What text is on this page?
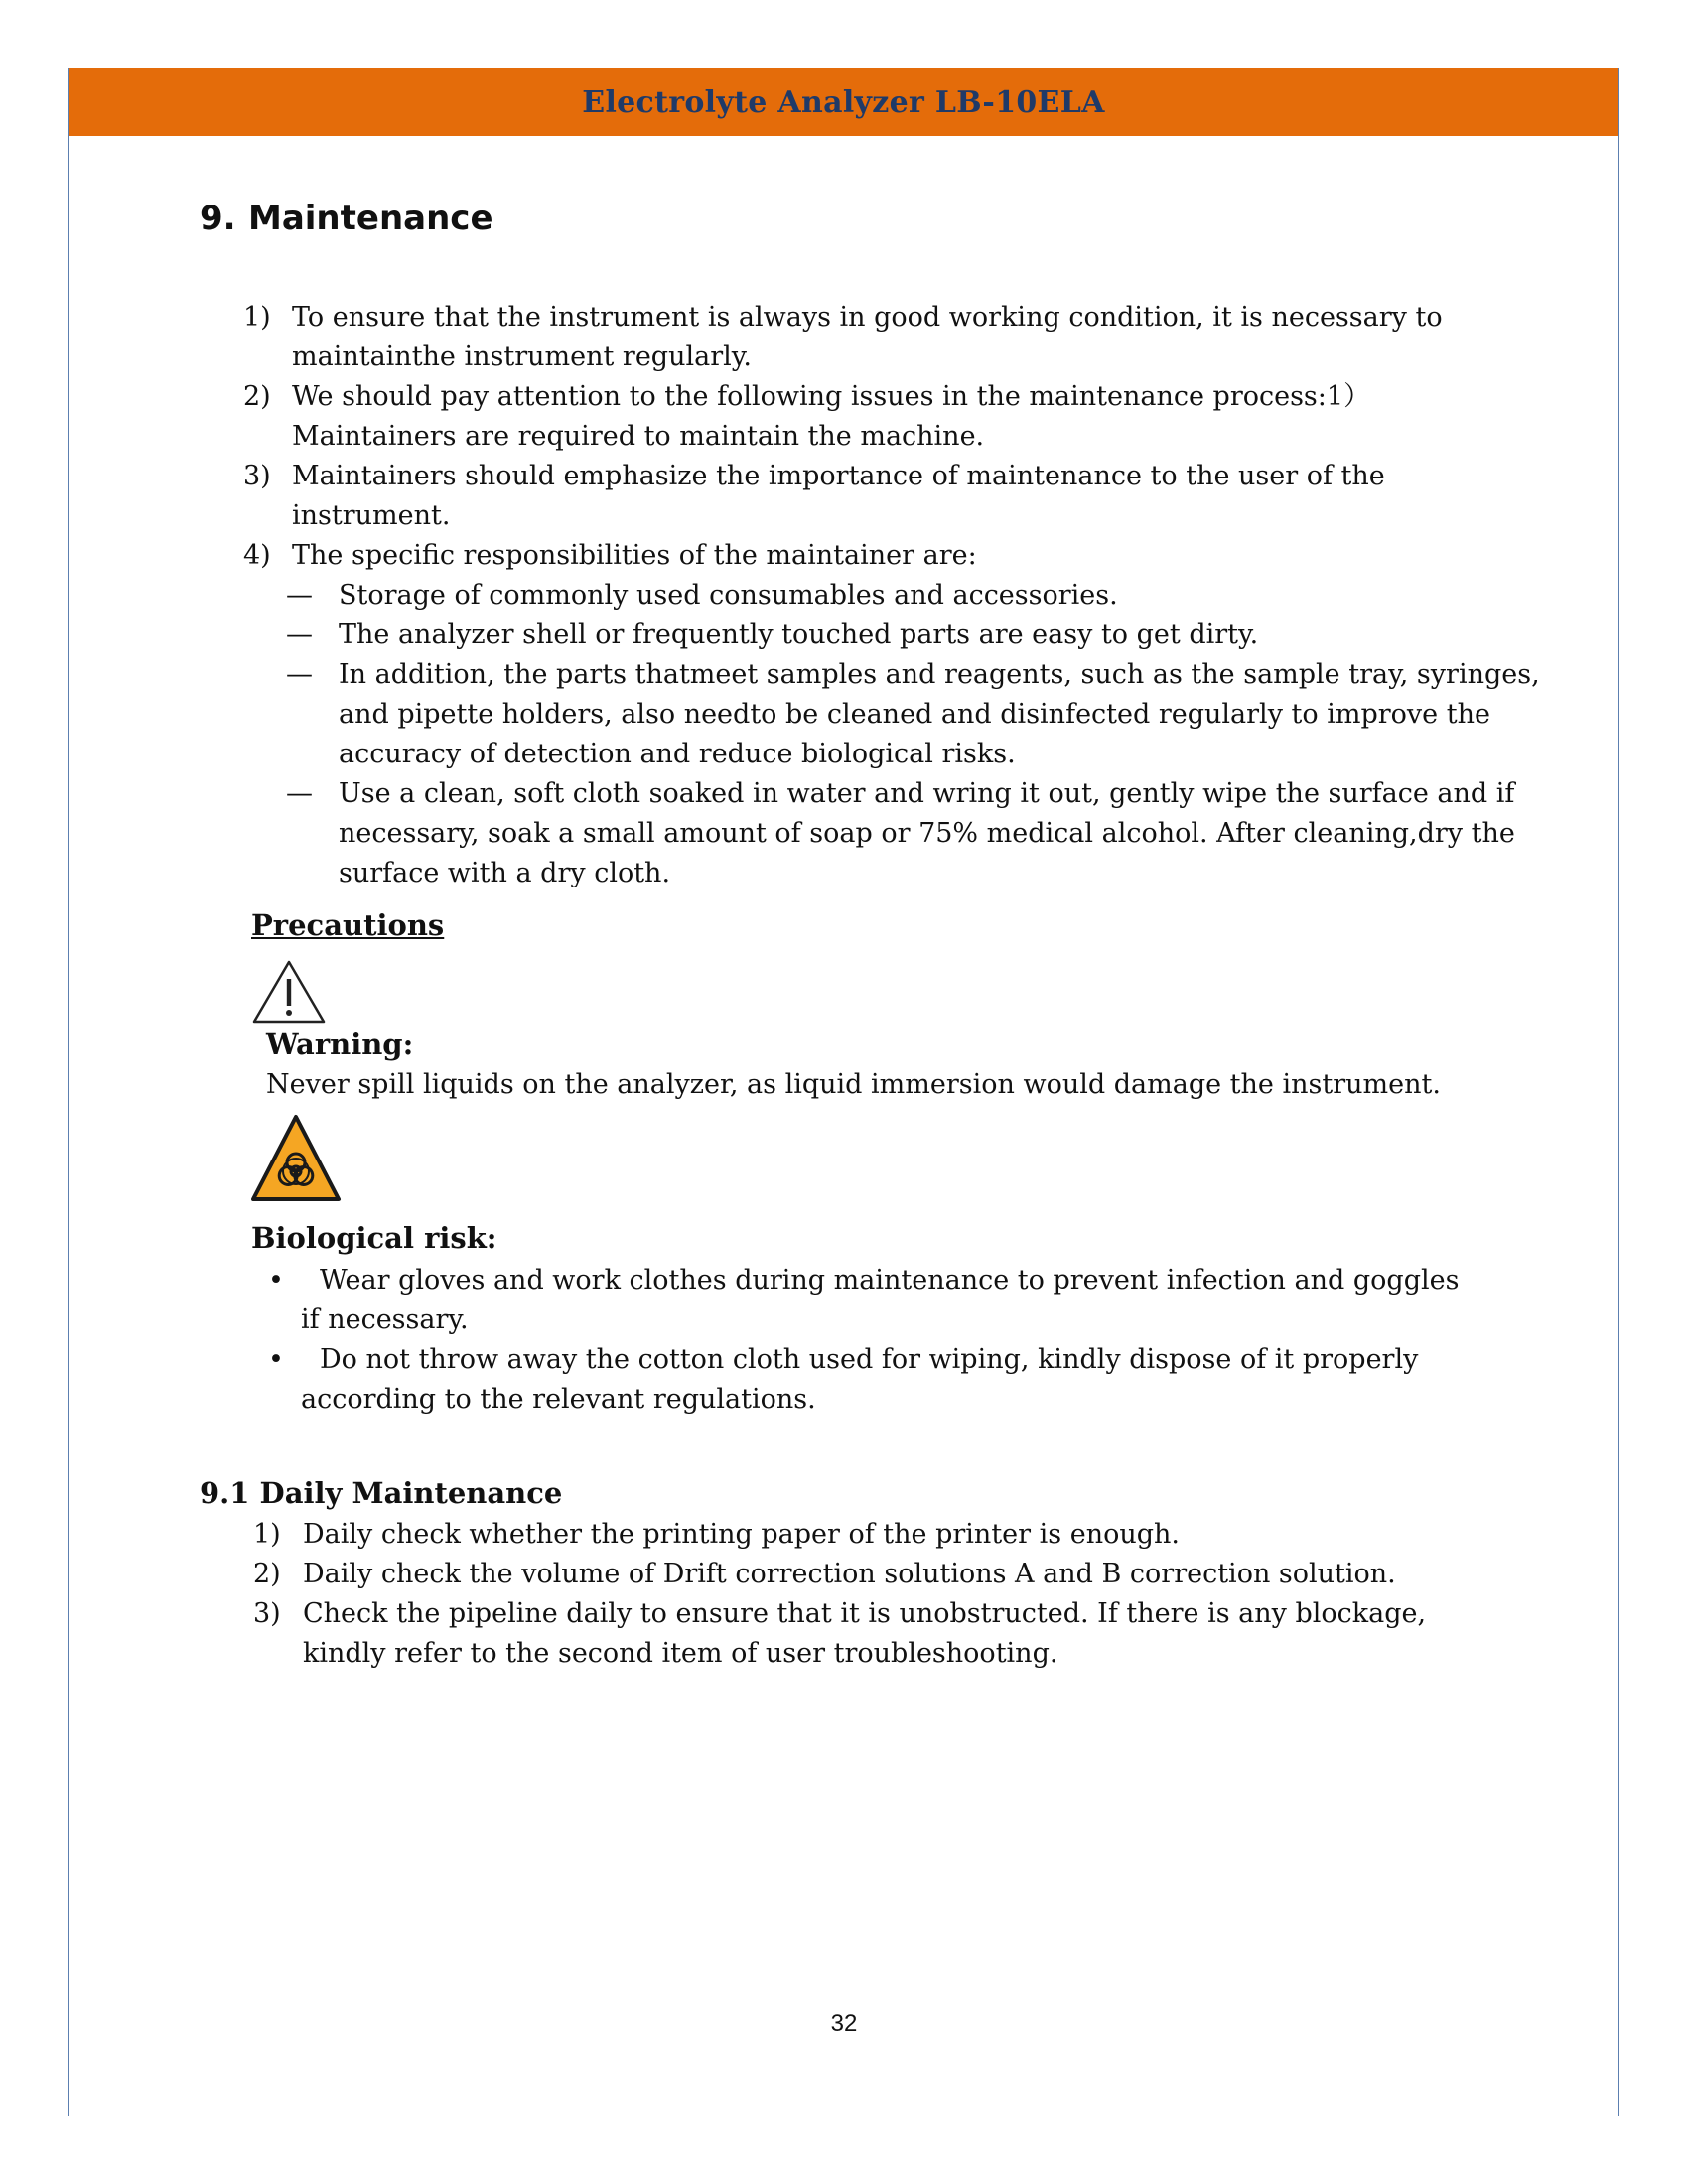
Electrolyte Analyzer LB-10ELA
9. Maintenance
1) To ensure that the instrument is always in good working condition, it is necessary to
maintainthe instrument regularly.
2) We should pay attention to the following issues in the maintenance process:1）
Maintainers are required to maintain the machine.
3) Maintainers should emphasize the importance of maintenance to the user of the
instrument.
4) The specific responsibilities of the maintainer are:
— Storage of commonly used consumables and accessories.
— The analyzer shell or frequently touched parts are easy to get dirty.
— In addition, the parts thatmeet samples and reagents, such as the sample tray, syringes,
and pipette holders, also needto be cleaned and disinfected regularly to improve the
accuracy of detection and reduce biological risks.
— Use a clean, soft cloth soaked in water and wring it out, gently wipe the surface and if
necessary, soak a small amount of soap or 75% medical alcohol. After cleaning,dry the
surface with a dry cloth.
Precautions
Warning:
Never spill liquids on the analyzer, as liquid immersion would damage the instrument.
Biological risk:
•	Wear gloves and work clothes during maintenance to prevent infection and goggles
if necessary.
•	Do not throw away the cotton cloth used for wiping, kindly dispose of it properly
according to the relevant regulations.
9.1 Daily Maintenance
1) Daily check whether the printing paper of the printer is enough.
2) Daily check the volume of Drift correction solutions A and B correction solution.
3) Check the pipeline daily to ensure that it is unobstructed. If there is any blockage,
kindly refer to the second item of user troubleshooting.
32
